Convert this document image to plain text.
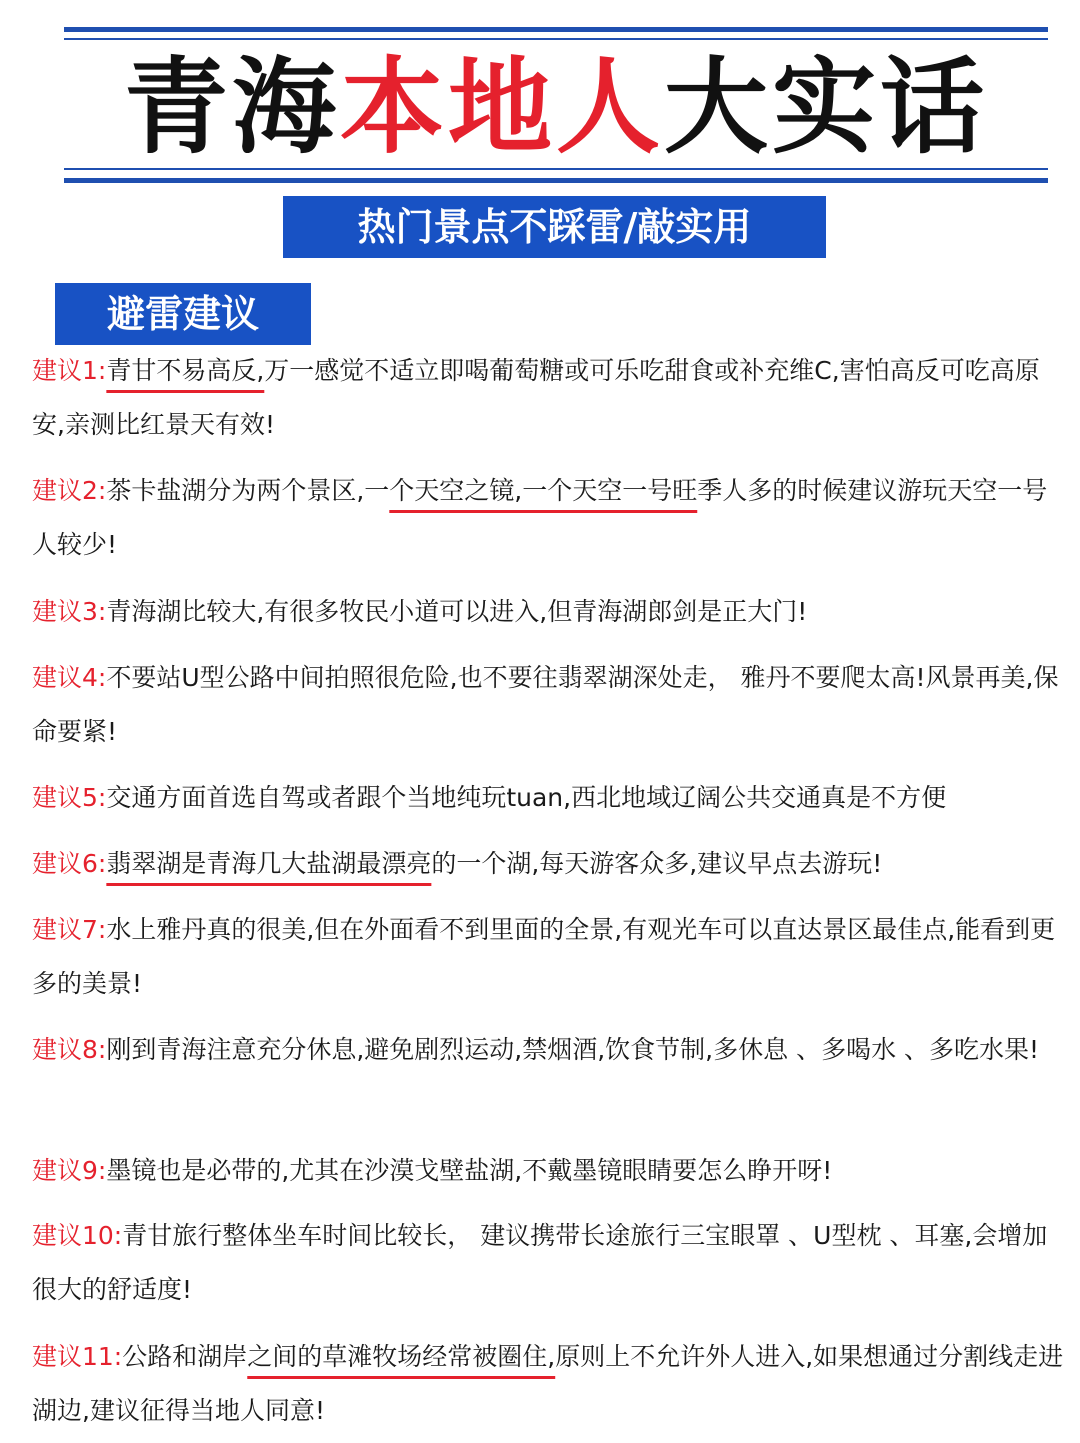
青海本地人大实话
热门景点不踩雷/敲实用
避雷建议
建议1:青甘不易高反,万一感觉不适立即喝葡萄糖或可乐吃甜食或补充维C,害怕高反可吃高原安,亲测比红景天有效!
建议2:茶卡盐湖分为两个景区,一个天空之镜,一个天空一号旺季人多的时候建议游玩天空一号人较少!
建议3:青海湖比较大,有很多牧民小道可以进入,但青海湖郎剑是正大门!
建议4:不要站U型公路中间拍照很危险,也不要往翡翠湖深处走， 雅丹不要爬太高!风景再美,保命要紧!
建议5:交通方面首选自驾或者跟个当地纯玩tuan,西北地域辽阔公共交通真是不方便
建议6:翡翠湖是青海几大盐湖最漂亮的一个湖,每天游客众多,建议早点去游玩!
建议7:水上雅丹真的很美,但在外面看不到里面的全景,有观光车可以直达景区最佳点,能看到更多的美景!
建议8:刚到青海注意充分休息,避免剧烈运动,禁烟酒,饮食节制,多休息 、多喝水 、多吃水果!
建议9:墨镜也是必带的,尤其在沙漠戈壁盐湖,不戴墨镜眼睛要怎么睁开呀!
建议10:青甘旅行整体坐车时间比较长， 建议携带长途旅行三宝眼罩 、U型枕 、耳塞,会增加很大的舒适度!
建议11:公路和湖岸之间的草滩牧场经常被圈住,原则上不允许外人进入,如果想通过分割线走进湖边,建议征得当地人同意!
